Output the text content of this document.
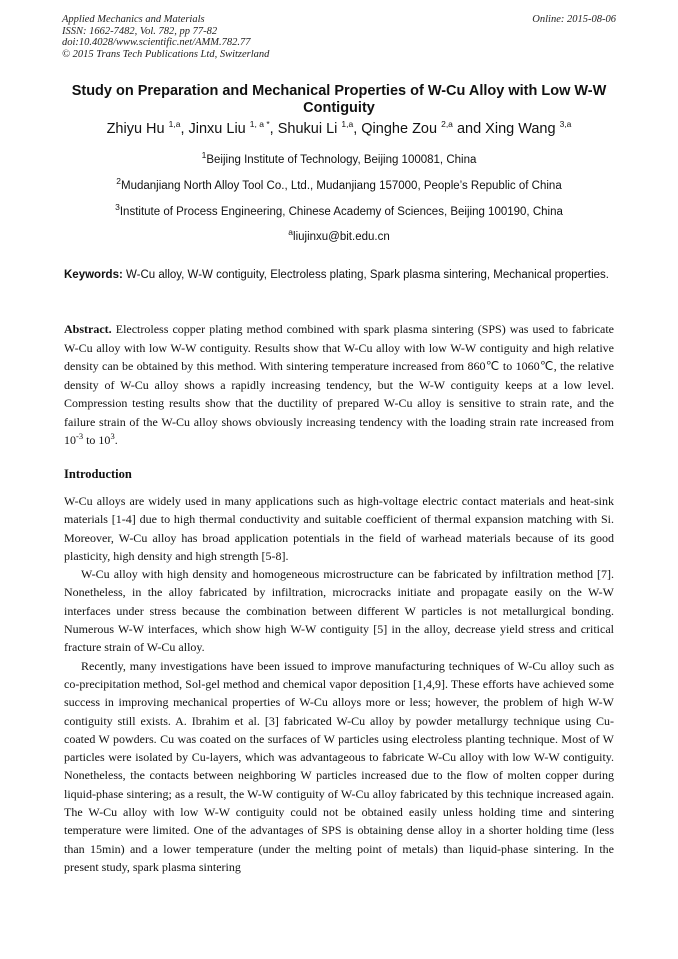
Applied Mechanics and Materials	Online: 2015-08-06
ISSN: 1662-7482, Vol. 782, pp 77-82
doi:10.4028/www.scientific.net/AMM.782.77
© 2015 Trans Tech Publications Ltd, Switzerland
Study on Preparation and Mechanical Properties of W-Cu Alloy with Low W-W Contiguity
Zhiyu Hu $^{1,a}$, Jinxu Liu $^{1, a *}$, Shukui Li $^{1,a}$, Qinghe Zou $^{2,a}$ and Xing Wang $^{3,a}$
$^1$Beijing Institute of Technology, Beijing 100081, China
$^2$Mudanjiang North Alloy Tool Co., Ltd., Mudanjiang 157000, People’s Republic of China
$^3$Institute of Process Engineering, Chinese Academy of Sciences, Beijing 100190, China
$^a$liujinxu@bit.edu.cn
Keywords: W-Cu alloy, W-W contiguity, Electroless plating, Spark plasma sintering, Mechanical properties.
Abstract. Electroless copper plating method combined with spark plasma sintering (SPS) was used to fabricate W-Cu alloy with low W-W contiguity. Results show that W-Cu alloy with low W-W contiguity and high relative density can be obtained by this method. With sintering temperature increased from 860℃ to 1060℃, the relative density of W-Cu alloy shows a rapidly increasing tendency, but the W-W contiguity keeps at a low level. Compression testing results show that the ductility of prepared W-Cu alloy is sensitive to strain rate, and the failure strain of the W-Cu alloy shows obviously increasing tendency with the loading strain rate increased from $10^{-3}$ to $10^3$.
Introduction

W-Cu alloys are widely used in many applications such as high-voltage electric contact materials and heat-sink materials [1-4] due to high thermal conductivity and suitable coefficient of thermal expansion matching with Si. Moreover, W-Cu alloy has broad application potentials in the field of warhead materials because of its good plasticity, high density and high strength [5-8].

W-Cu alloy with high density and homogeneous microstructure can be fabricated by infiltration method [7]. Nonetheless, in the alloy fabricated by infiltration, microcracks initiate and propagate easily on the W-W interfaces under stress because the combination between different W particles is not metallurgical bonding. Numerous W-W interfaces, which show high W-W contiguity [5] in the alloy, decrease yield stress and critical fracture strain of W-Cu alloy.

Recently, many investigations have been issued to improve manufacturing techniques of W-Cu alloy such as co-precipitation method, Sol-gel method and chemical vapor deposition [1,4,9]. These efforts have achieved some success in improving mechanical properties of W-Cu alloys more or less; however, the problem of high W-W contiguity still exists. A. Ibrahim et al. [3] fabricated W-Cu alloy by powder metallurgy technique using Cu-coated W powders. Cu was coated on the surfaces of W particles using electroless planting technique. Most of W particles were isolated by Cu-layers, which was advantageous to fabricate W-Cu alloy with low W-W contiguity. Nonetheless, the contacts between neighboring W particles increased due to the flow of molten copper during liquid-phase sintering; as a result, the W-W contiguity of W-Cu alloy fabricated by this technique increased again. The W-Cu alloy with low W-W contiguity could not be obtained easily unless holding time and sintering temperature were limited. One of the advantages of SPS is obtaining dense alloy in a shorter holding time (less than 15min) and a lower temperature (under the melting point of metals) than liquid-phase sintering. In the present study, spark plasma sintering
